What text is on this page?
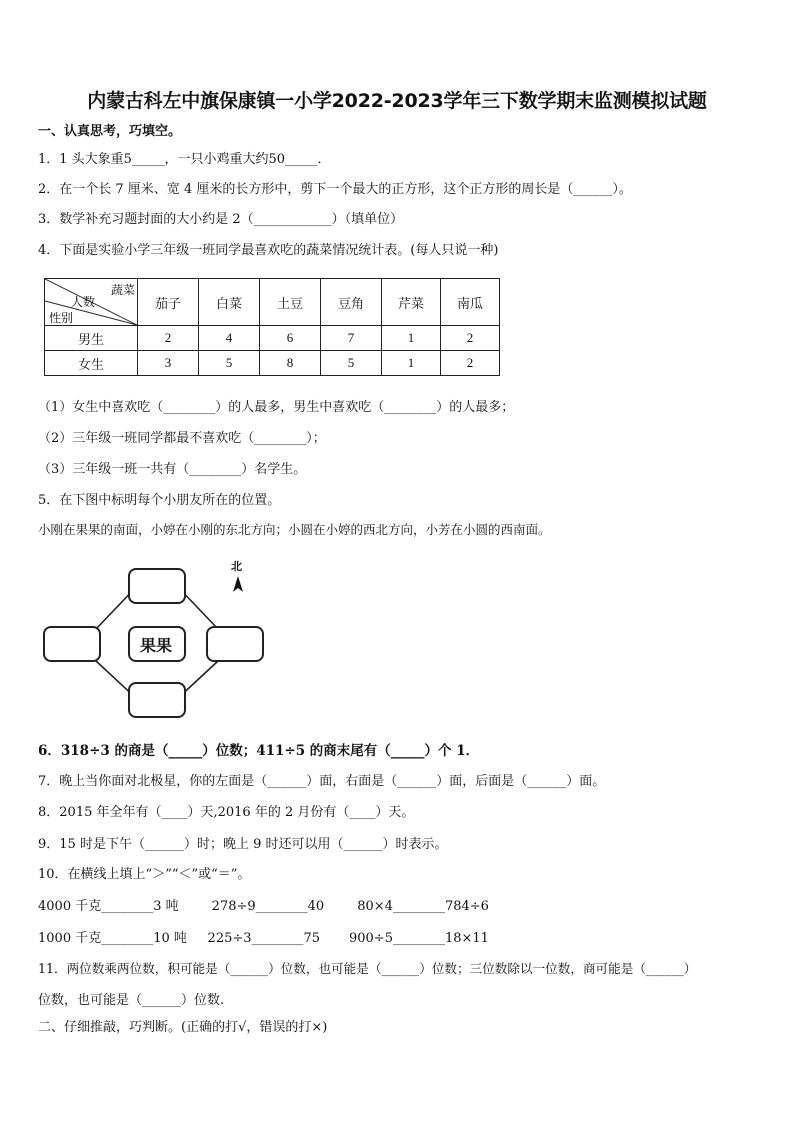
内蒙古科左中旗保康镇一小学2022-2023学年三下数学期末监测模拟试题
一、认真思考，巧填空。
1．1 头大象重5_____，一只小鸡重大约50_____．
2．在一个长 7 厘米、宽 4 厘米的长方形中，剪下一个最大的正方形，这个正方形的周长是（______）。
3．数学补充习题封面的大小约是 2（____________）（填单位）
4．下面是实验小学三年级一班同学最喜欢吃的蔬菜情况统计表。(每人只说一种)
蔬菜
人数
性别	茄子	白菜	土豆	豆角	芹菜	南瓜
男生	2	4	6	7	1	2
女生	3	5	8	5	1	2
（1）女生中喜欢吃（________）的人最多，男生中喜欢吃（________）的人最多；
（2）三年级一班同学都最不喜欢吃（________）；
（3）三年级一班一共有（________）名学生。
5．在下图中标明每个小朋友所在的位置。
小刚在果果的南面，小婷在小刚的东北方向；小圆在小婷的西北方向，小芳在小圆的西南面。
果果
北
6．318÷3 的商是（_____）位数；411÷5 的商末尾有（_____）个 1．
7．晚上当你面对北极星，你的左面是（______）面，右面是（______）面，后面是（______）面。
8．2015 年全年有（____）天,2016 年的 2 月份有（____）天。
9．15 时是下午（______）时；晚上 9 时还可以用（______）时表示。
10．在横线上填上“＞”“＜”或“＝”。
4000 千克________3 吨        278÷9________40        80×4________784÷6
1000 千克________10 吨     225÷3________75       900÷5________18×11
11．两位数乘两位数，积可能是（______）位数，也可能是（______）位数；三位数除以一位数，商可能是（______）
位数，也可能是（______）位数.
二、仔细推敲，巧判断。(正确的打√，错误的打×)
